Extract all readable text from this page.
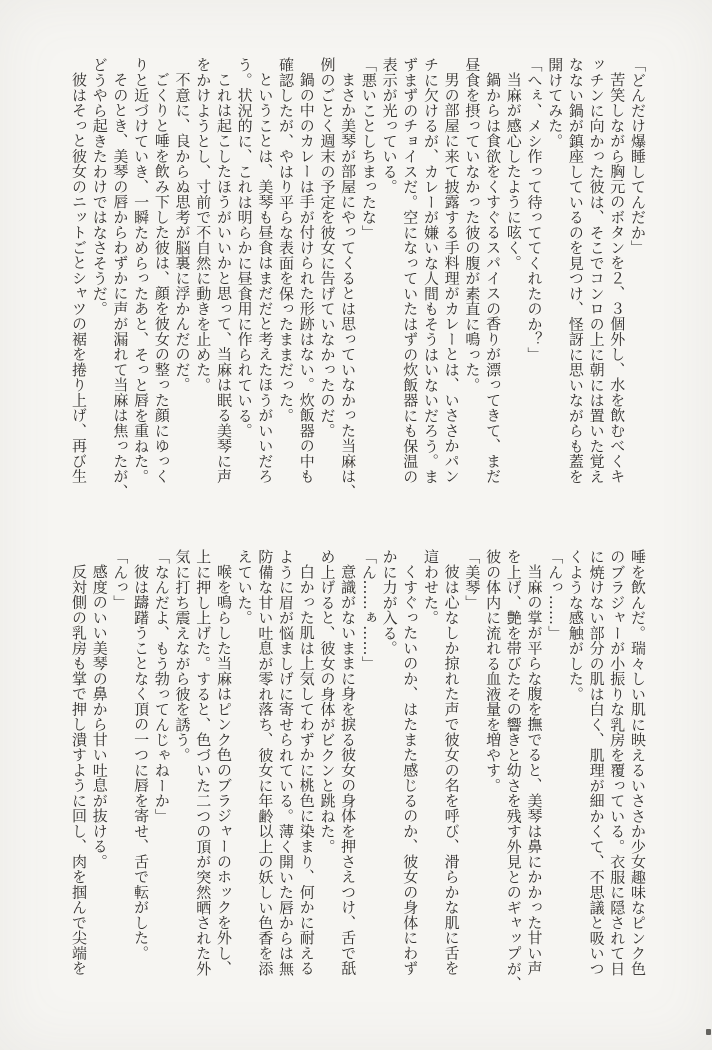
「どんだけ爆睡してんだか」

苦笑しながら胸元のボタンを２、３個外し、水を飲むべくキ

ッチンに向かった彼は、そこでコンロの上に朝には置いた覚え

なない鍋が鎮座しているのを見つけ、怪訝に思いながらも蓋を

開けてみた。

「へぇ、メシ作って待っててくれたのか？」

当麻が感心したように呟く。

鍋からは食欲をくすぐるスパイスの香りが漂ってきて、まだ

昼食を摂っていなかった彼の腹が素直に鳴った。

男の部屋に来て披露する手料理がカレーとは、いささかパン

チに欠けるが、カレーが嫌いな人間もそうはいないだろう。ま

ずまずのチョイスだ。空になっていたはずの炊飯器にも保温の

表示が光っている。

「悪いことしちまったな」

まさか美琴が部屋にやってくるとは思っていなかった当麻は、

例のごとく週末の予定を彼女に告げていなかったのだ。

鍋の中のカレーは手が付けられた形跡はない。炊飯器の中も

確認したが、やはり平らな表面を保ったままだった。

ということは、美琴も昼食はまだだと考えたほうがいいだろ

う。状況的に、これは明らかに昼食用に作られている。

これは起こしたほうがいいかと思って、当麻は眠る美琴に声

をかけようとし、寸前で不自然に動きを止めた。

不意に、良からぬ思考が脳裏に浮かんだのだ。

ごくりと唾を飲み下した彼は、顔を彼女の整った顔にゆっく

りと近づけていき、一瞬ためらったあと、そっと唇を重ねた。

そのとき、美琴の唇からわずかに声が漏れて当麻は焦ったが、

どうやら起きたわけではなさそうだ。

彼はそっと彼女のニットごとシャツの裾を捲り上げ、再び生

唾を飲んだ。瑞々しい肌に映えるいささか少女趣味なピンク色

のブラジャーが小振りな乳房を覆っている。衣服に隠されて日

に焼けない部分の肌は白く、肌理が細かくて、不思議と吸いつ

くような感触がした。

「んっ……」

当麻の掌が平らな腹を撫でると、美琴は鼻にかかった甘い声

を上げ、艶を帯びたその響きと幼さを残す外見とのギャップが、

彼の体内に流れる血液量を増やす。

「美琴」

彼は心なしか掠れた声で彼女の名を呼び、滑らかな肌に舌を

這わせた。

くすぐったいのか、はたまた感じるのか、彼女の身体にわず

かに力が入る。

「ん……ぁ……」

意識がないままに身を捩る彼女の身体を押さえつけ、舌で舐

め上げると、彼女の身体がビクンと跳ねた。

白かった肌は上気してわずかに桃色に染まり、何かに耐える

ように眉が悩ましげに寄せられている。薄く開いた唇からは無

防備な甘い吐息が零れ落ち、彼女に年齢以上の妖しい色香を添

えていた。

喉を鳴らした当麻はピンク色のブラジャーのホックを外し、

上に押し上げた。すると、色づいた二つの頂が突然晒された外

気に打ち震えながら彼を誘う。

「なんだよ、もう勃ってんじゃねーか」

彼は躊躇うことなく頂の一つに唇を寄せ、舌で転がした。

「んっ」

感度のいい美琴の鼻から甘い吐息が抜ける。

反対側の乳房も掌で押し潰すように回し、肉を掴んで尖端を
